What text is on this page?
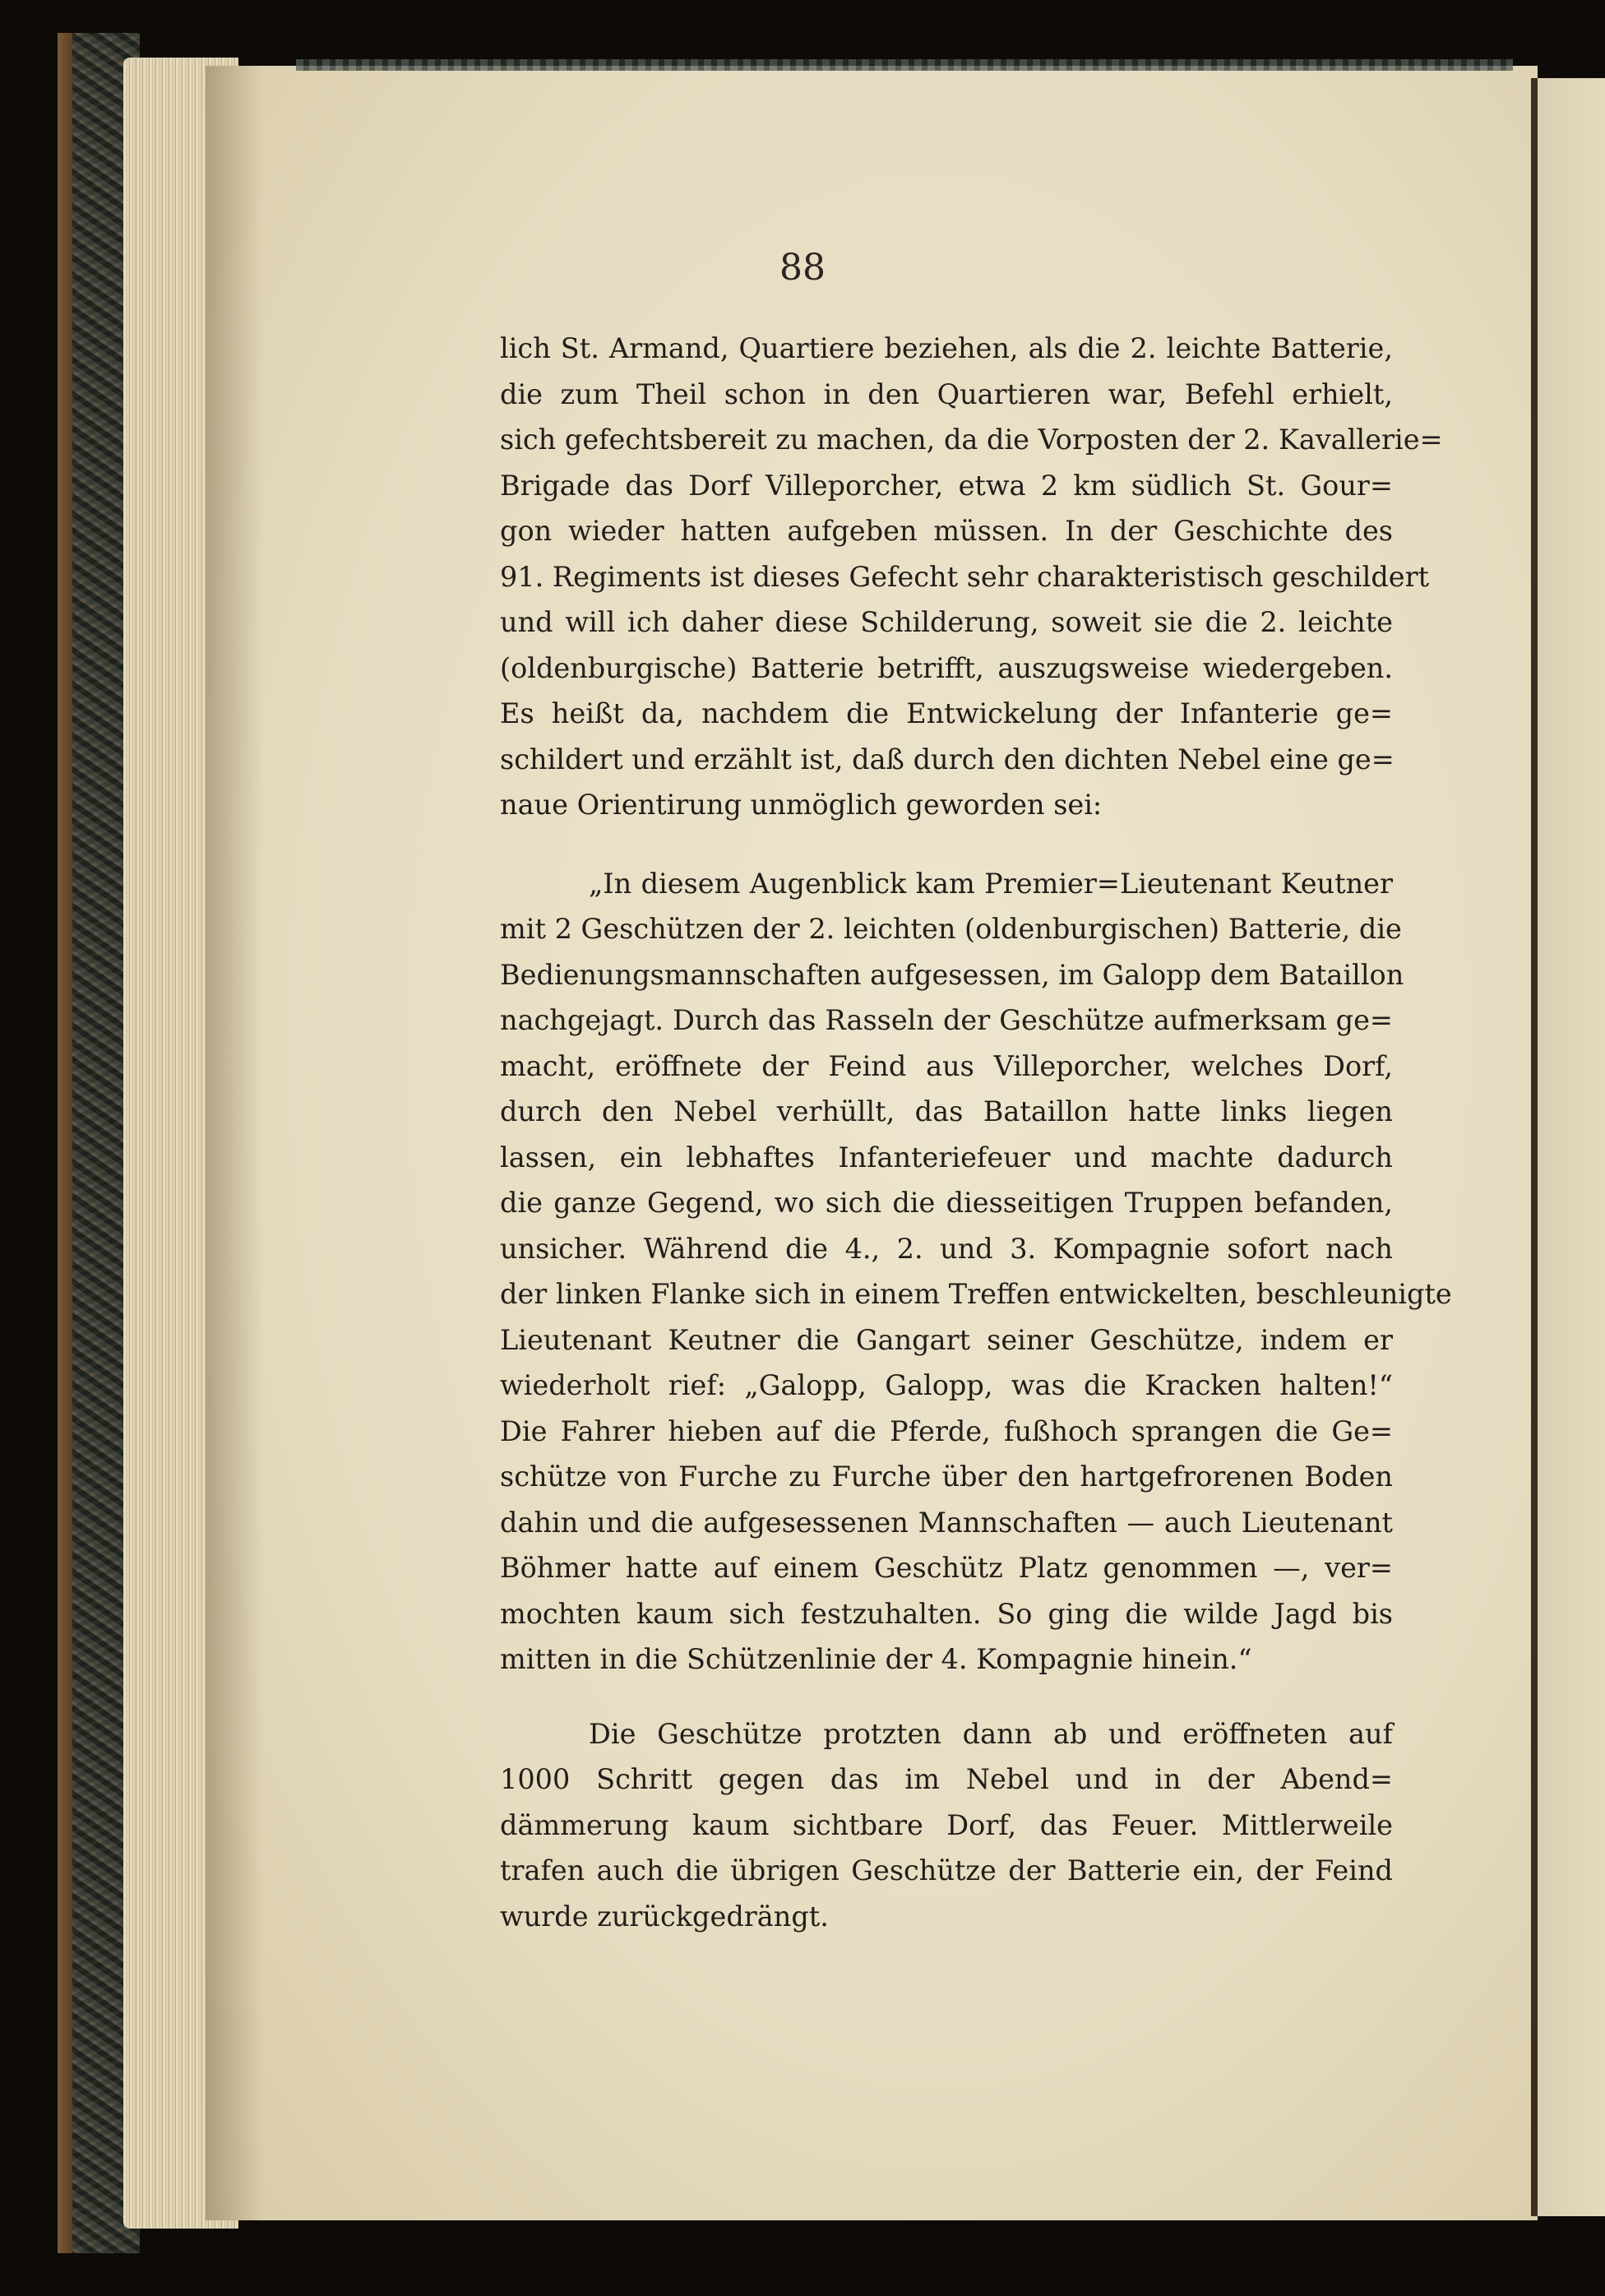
88
lich St. Armand, Quartiere beziehen, als die 2. leichte Batterie,
die zum Theil schon in den Quartieren war, Befehl erhielt,
sich gefechtsbereit zu machen, da die Vorposten der 2. Kavallerie=
Brigade das Dorf Villeporcher, etwa 2 km südlich St. Gour=
gon wieder hatten aufgeben müssen. In der Geschichte des
91. Regiments ist dieses Gefecht sehr charakteristisch geschildert
und will ich daher diese Schilderung, soweit sie die 2. leichte
(oldenburgische) Batterie betrifft, auszugsweise wiedergeben.
Es heißt da, nachdem die Entwickelung der Infanterie ge=
schildert und erzählt ist, daß durch den dichten Nebel eine ge=
naue Orientirung unmöglich geworden sei:
„In diesem Augenblick kam Premier=Lieutenant Keutner
mit 2 Geschützen der 2. leichten (oldenburgischen) Batterie, die
Bedienungsmannschaften aufgesessen, im Galopp dem Bataillon
nachgejagt. Durch das Rasseln der Geschütze aufmerksam ge=
macht, eröffnete der Feind aus Villeporcher, welches Dorf,
durch den Nebel verhüllt, das Bataillon hatte links liegen
lassen, ein lebhaftes Infanteriefeuer und machte dadurch
die ganze Gegend, wo sich die diesseitigen Truppen befanden,
unsicher. Während die 4., 2. und 3. Kompagnie sofort nach
der linken Flanke sich in einem Treffen entwickelten, beschleunigte
Lieutenant Keutner die Gangart seiner Geschütze, indem er
wiederholt rief: „Galopp, Galopp, was die Kracken halten!“
Die Fahrer hieben auf die Pferde, fußhoch sprangen die Ge=
schütze von Furche zu Furche über den hartgefrorenen Boden
dahin und die aufgesessenen Mannschaften — auch Lieutenant
Böhmer hatte auf einem Geschütz Platz genommen —, ver=
mochten kaum sich festzuhalten. So ging die wilde Jagd bis
mitten in die Schützenlinie der 4. Kompagnie hinein.“
Die Geschütze protzten dann ab und eröffneten auf
1000 Schritt gegen das im Nebel und in der Abend=
dämmerung kaum sichtbare Dorf, das Feuer. Mittlerweile
trafen auch die übrigen Geschütze der Batterie ein, der Feind
wurde zurückgedrängt.
